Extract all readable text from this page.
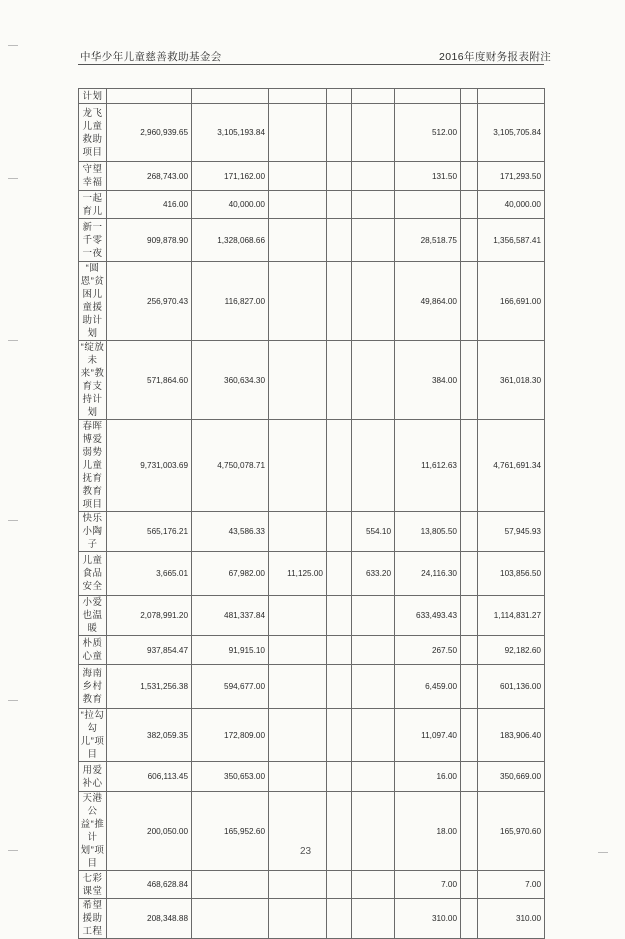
中华少年儿童慈善救助基金会	2016年度财务报表附注
计划								
龙飞儿童救助项目	2,960,939.65	3,105,193.84				512.00		3,105,705.84
守望幸福	268,743.00	171,162.00				131.50		171,293.50
一起育儿	416.00	40,000.00						40,000.00
新一千零一夜	909,878.90	1,328,068.66				28,518.75		1,356,587.41
“圆恩”贫困儿童援助计划	256,970.43	116,827.00				49,864.00		166,691.00
“绽放未来”教育支持计划	571,864.60	360,634.30				384.00		361,018.30
春晖博爱弱势儿童抚育教育项目	9,731,003.69	4,750,078.71				11,612.63		4,761,691.34
快乐小陶子	565,176.21	43,586.33			554.10	13,805.50		57,945.93
儿童食品安全	3,665.01	67,982.00	11,125.00		633.20	24,116.30		103,856.50
小爱也温暖	2,078,991.20	481,337.84				633,493.43		1,114,831.27
朴质心童	937,854.47	91,915.10				267.50		92,182.60
海南乡村教育	1,531,256.38	594,677.00				6,459.00		601,136.00
“拉勾勾儿”项目	382,059.35	172,809.00				11,097.40		183,906.40
用爱补心	606,113.45	350,653.00				16.00		350,669.00
天港公益“推计划”项目	200,050.00	165,952.60				18.00		165,970.60
七彩课堂	468,628.84					7.00		7.00
希望援助工程	208,348.88					310.00		310.00
23
